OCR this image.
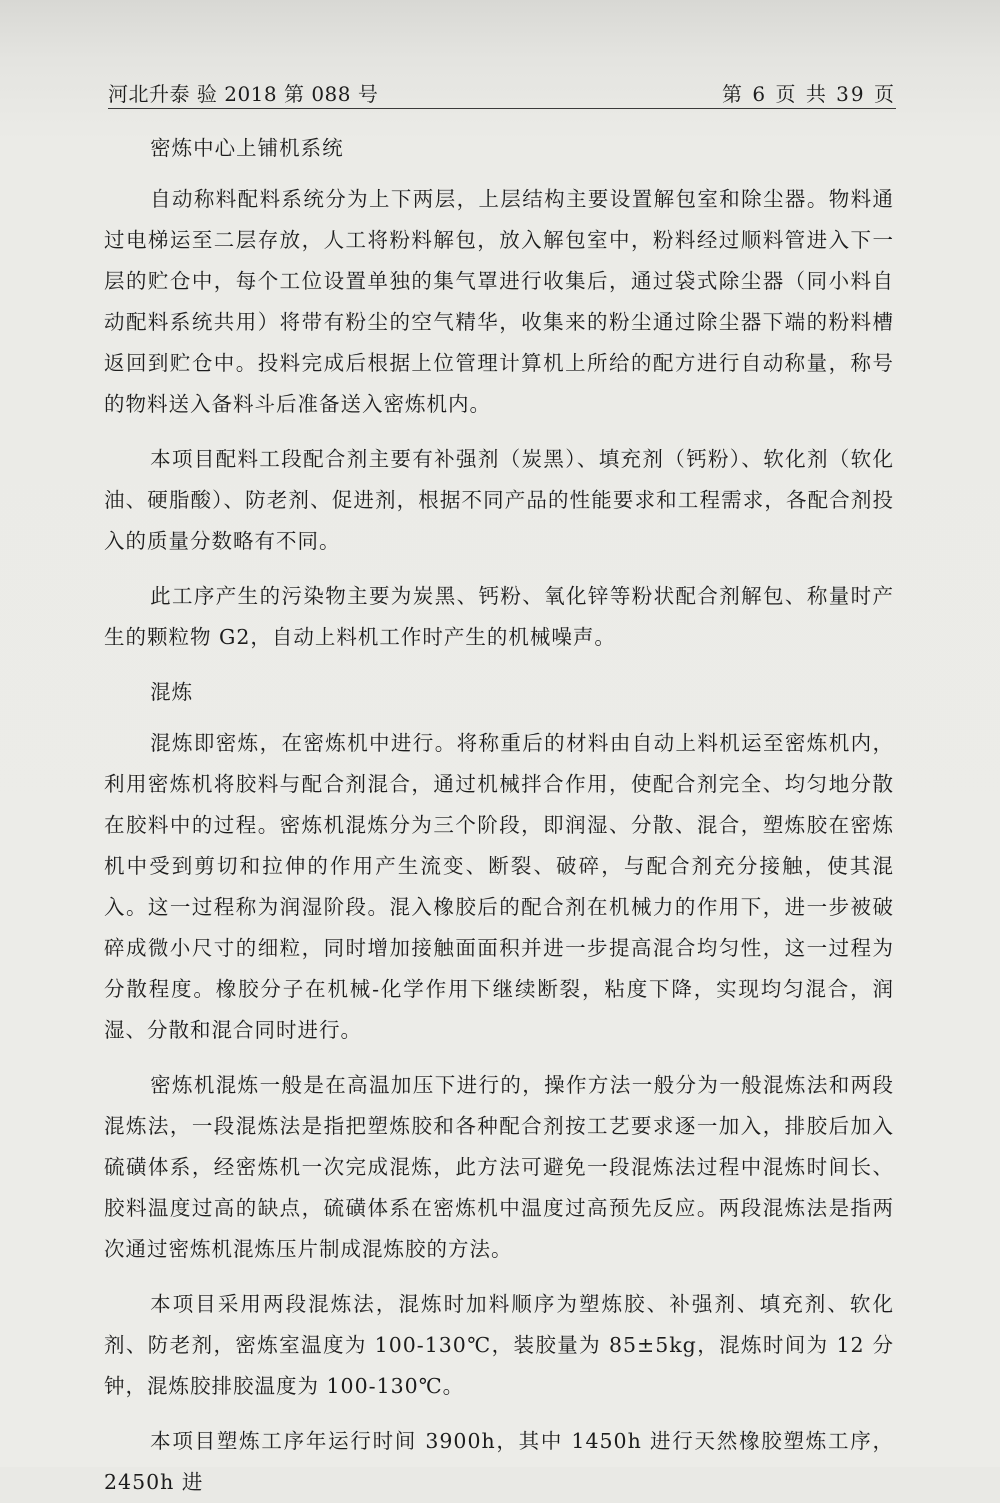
河北升泰 验 2018 第 088 号	第 6 页 共 39 页

密炼中心上铺机系统

自动称料配料系统分为上下两层，上层结构主要设置解包室和除尘器。物料通过电梯运至二层存放，人工将粉料解包，放入解包室中，粉料经过顺料管进入下一层的贮仓中，每个工位设置单独的集气罩进行收集后，通过袋式除尘器（同小料自动配料系统共用）将带有粉尘的空气精华，收集来的粉尘通过除尘器下端的粉料槽返回到贮仓中。投料完成后根据上位管理计算机上所给的配方进行自动称量，称号的物料送入备料斗后准备送入密炼机内。

本项目配料工段配合剂主要有补强剂（炭黑）、填充剂（钙粉）、软化剂（软化油、硬脂酸）、防老剂、促进剂，根据不同产品的性能要求和工程需求，各配合剂投入的质量分数略有不同。

此工序产生的污染物主要为炭黑、钙粉、氧化锌等粉状配合剂解包、称量时产生的颗粒物 G2，自动上料机工作时产生的机械噪声。

混炼

混炼即密炼，在密炼机中进行。将称重后的材料由自动上料机运至密炼机内，利用密炼机将胶料与配合剂混合，通过机械拌合作用，使配合剂完全、均匀地分散在胶料中的过程。密炼机混炼分为三个阶段，即润湿、分散、混合，塑炼胶在密炼机中受到剪切和拉伸的作用产生流变、断裂、破碎，与配合剂充分接触，使其混入。这一过程称为润湿阶段。混入橡胶后的配合剂在机械力的作用下，进一步被破碎成微小尺寸的细粒，同时增加接触面面积并进一步提高混合均匀性，这一过程为分散程度。橡胶分子在机械-化学作用下继续断裂，粘度下降，实现均匀混合，润湿、分散和混合同时进行。

密炼机混炼一般是在高温加压下进行的，操作方法一般分为一般混炼法和两段混炼法，一段混炼法是指把塑炼胶和各种配合剂按工艺要求逐一加入，排胶后加入硫磺体系，经密炼机一次完成混炼，此方法可避免一段混炼法过程中混炼时间长、胶料温度过高的缺点，硫磺体系在密炼机中温度过高预先反应。两段混炼法是指两次通过密炼机混炼压片制成混炼胶的方法。

本项目采用两段混炼法，混炼时加料顺序为塑炼胶、补强剂、填充剂、软化剂、防老剂，密炼室温度为 100-130℃，装胶量为 85±5kg，混炼时间为 12 分钟，混炼胶排胶温度为 100-130℃。

本项目塑炼工序年运行时间 3900h，其中 1450h 进行天然橡胶塑炼工序，2450h 进
